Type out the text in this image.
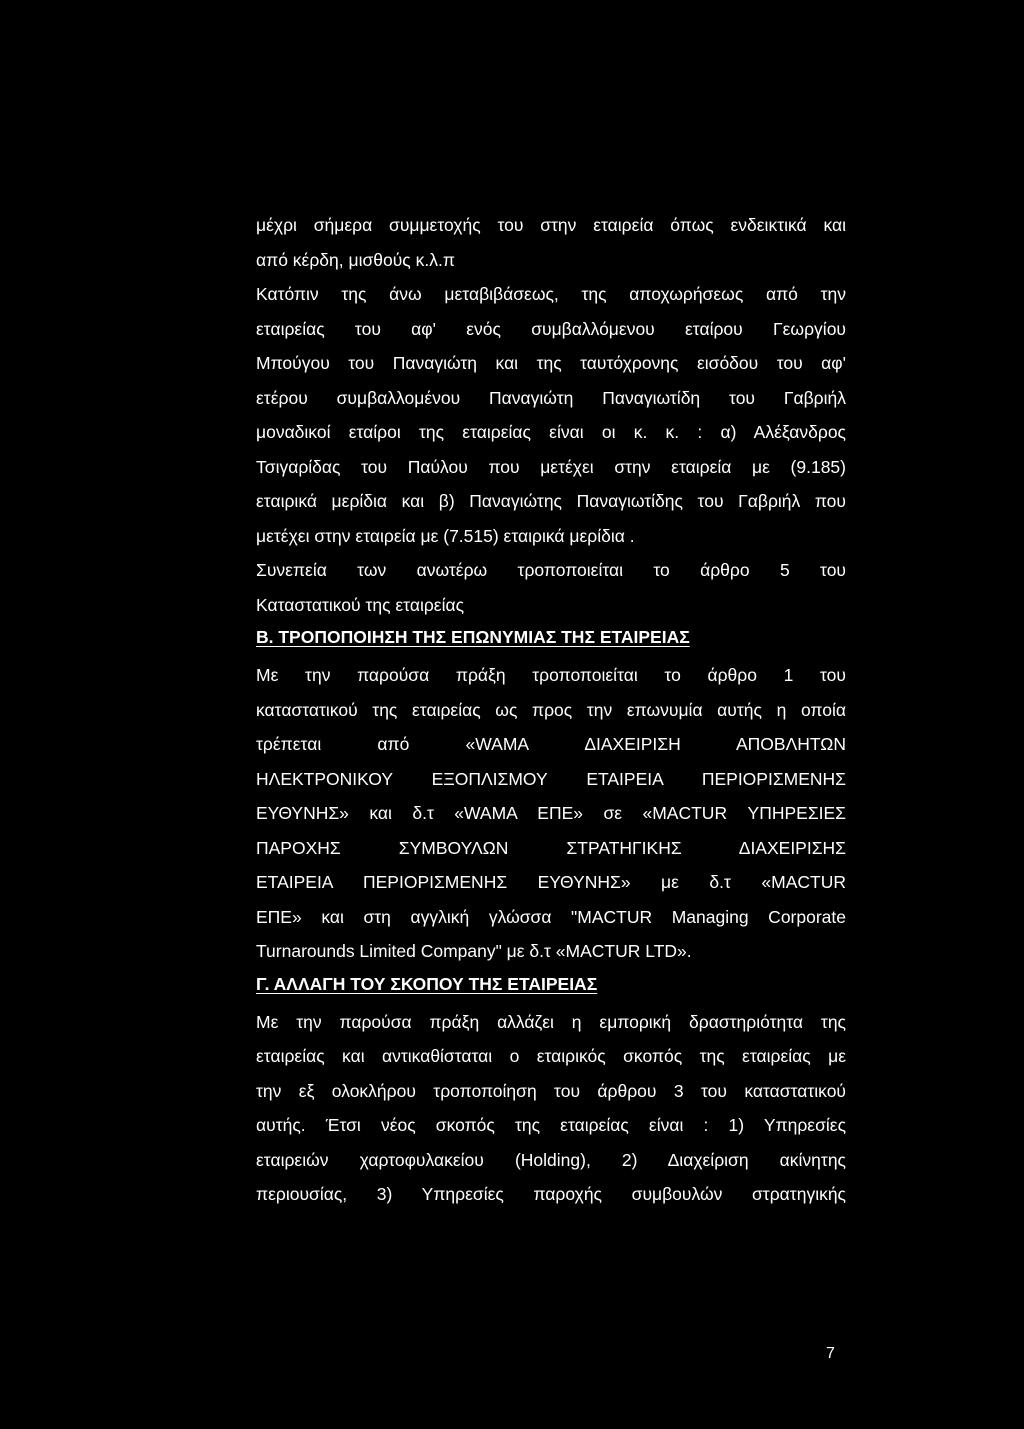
μέχρι σήμερα συμμετοχής του στην εταιρεία όπως ενδεικτικά και
από κέρδη, μισθούς κ.λ.π
Κατόπιν της άνω μεταβιβάσεως, της αποχωρήσεως από την
εταιρείας του αφ' ενός συμβαλλόμενου εταίρου Γεωργίου
Μπούγου του Παναγιώτη και της ταυτόχρονης εισόδου του αφ'
ετέρου συμβαλλομένου Παναγιώτη Παναγιωτίδη του Γαβριήλ
μοναδικοί εταίροι της εταιρείας είναι οι κ. κ. : α) Αλέξανδρος
Τσιγαρίδας του Παύλου που μετέχει στην εταιρεία με (9.185)
εταιρικά μερίδια και β) Παναγιώτης Παναγιωτίδης του Γαβριήλ που
μετέχει στην εταιρεία με (7.515) εταιρικά μερίδια .
Συνεπεία των ανωτέρω τροποποιείται το άρθρο 5 του
Καταστατικού της εταιρείας
Β. ΤΡΟΠΟΠΟΙΗΣΗ ΤΗΣ ΕΠΩΝΥΜΙΑΣ ΤΗΣ ΕΤΑΙΡΕΙΑΣ
Με την παρούσα πράξη τροποποιείται το άρθρο 1 του
καταστατικού της εταιρείας ως προς την επωνυμία αυτής η οποία
τρέπεται από «WAMA ΔΙΑΧΕΙΡΙΣΗ ΑΠΟΒΛΗΤΩΝ
ΗΛΕΚΤΡΟΝΙΚΟΥ ΕΞΟΠΛΙΣΜΟΥ ΕΤΑΙΡΕΙΑ ΠΕΡΙΟΡΙΣΜΕΝΗΣ
ΕΥΘΥΝΗΣ» και δ.τ «WAMA ΕΠΕ» σε «MACTUR ΥΠΗΡΕΣΙΕΣ
ΠΑΡΟΧΗΣ ΣΥΜΒΟΥΛΩΝ ΣΤΡΑΤΗΓΙΚΗΣ ΔΙΑΧΕΙΡΙΣΗΣ
ΕΤΑΙΡΕΙΑ ΠΕΡΙΟΡΙΣΜΕΝΗΣ ΕΥΘΥΝΗΣ» με δ.τ «MACTUR
ΕΠΕ» και στη αγγλική γλώσσα "MACTUR Managing Corporate
Turnarounds Limited Company" με δ.τ «MACTUR LTD».
Γ. ΑΛΛΑΓΗ ΤΟΥ ΣΚΟΠΟΥ ΤΗΣ ΕΤΑΙΡΕΙΑΣ
Με την παρούσα πράξη αλλάζει η εμπορική δραστηριότητα της
εταιρείας και αντικαθίσταται ο εταιρικός σκοπός της εταιρείας με
την εξ ολοκλήρου τροποποίηση του άρθρου 3 του καταστατικού
αυτής. Έτσι νέος σκοπός της εταιρείας είναι : 1) Υπηρεσίες
εταιρειών χαρτοφυλακείου (Holding), 2) Διαχείριση ακίνητης
περιουσίας, 3) Υπηρεσίες παροχής συμβουλών στρατηγικής
7
